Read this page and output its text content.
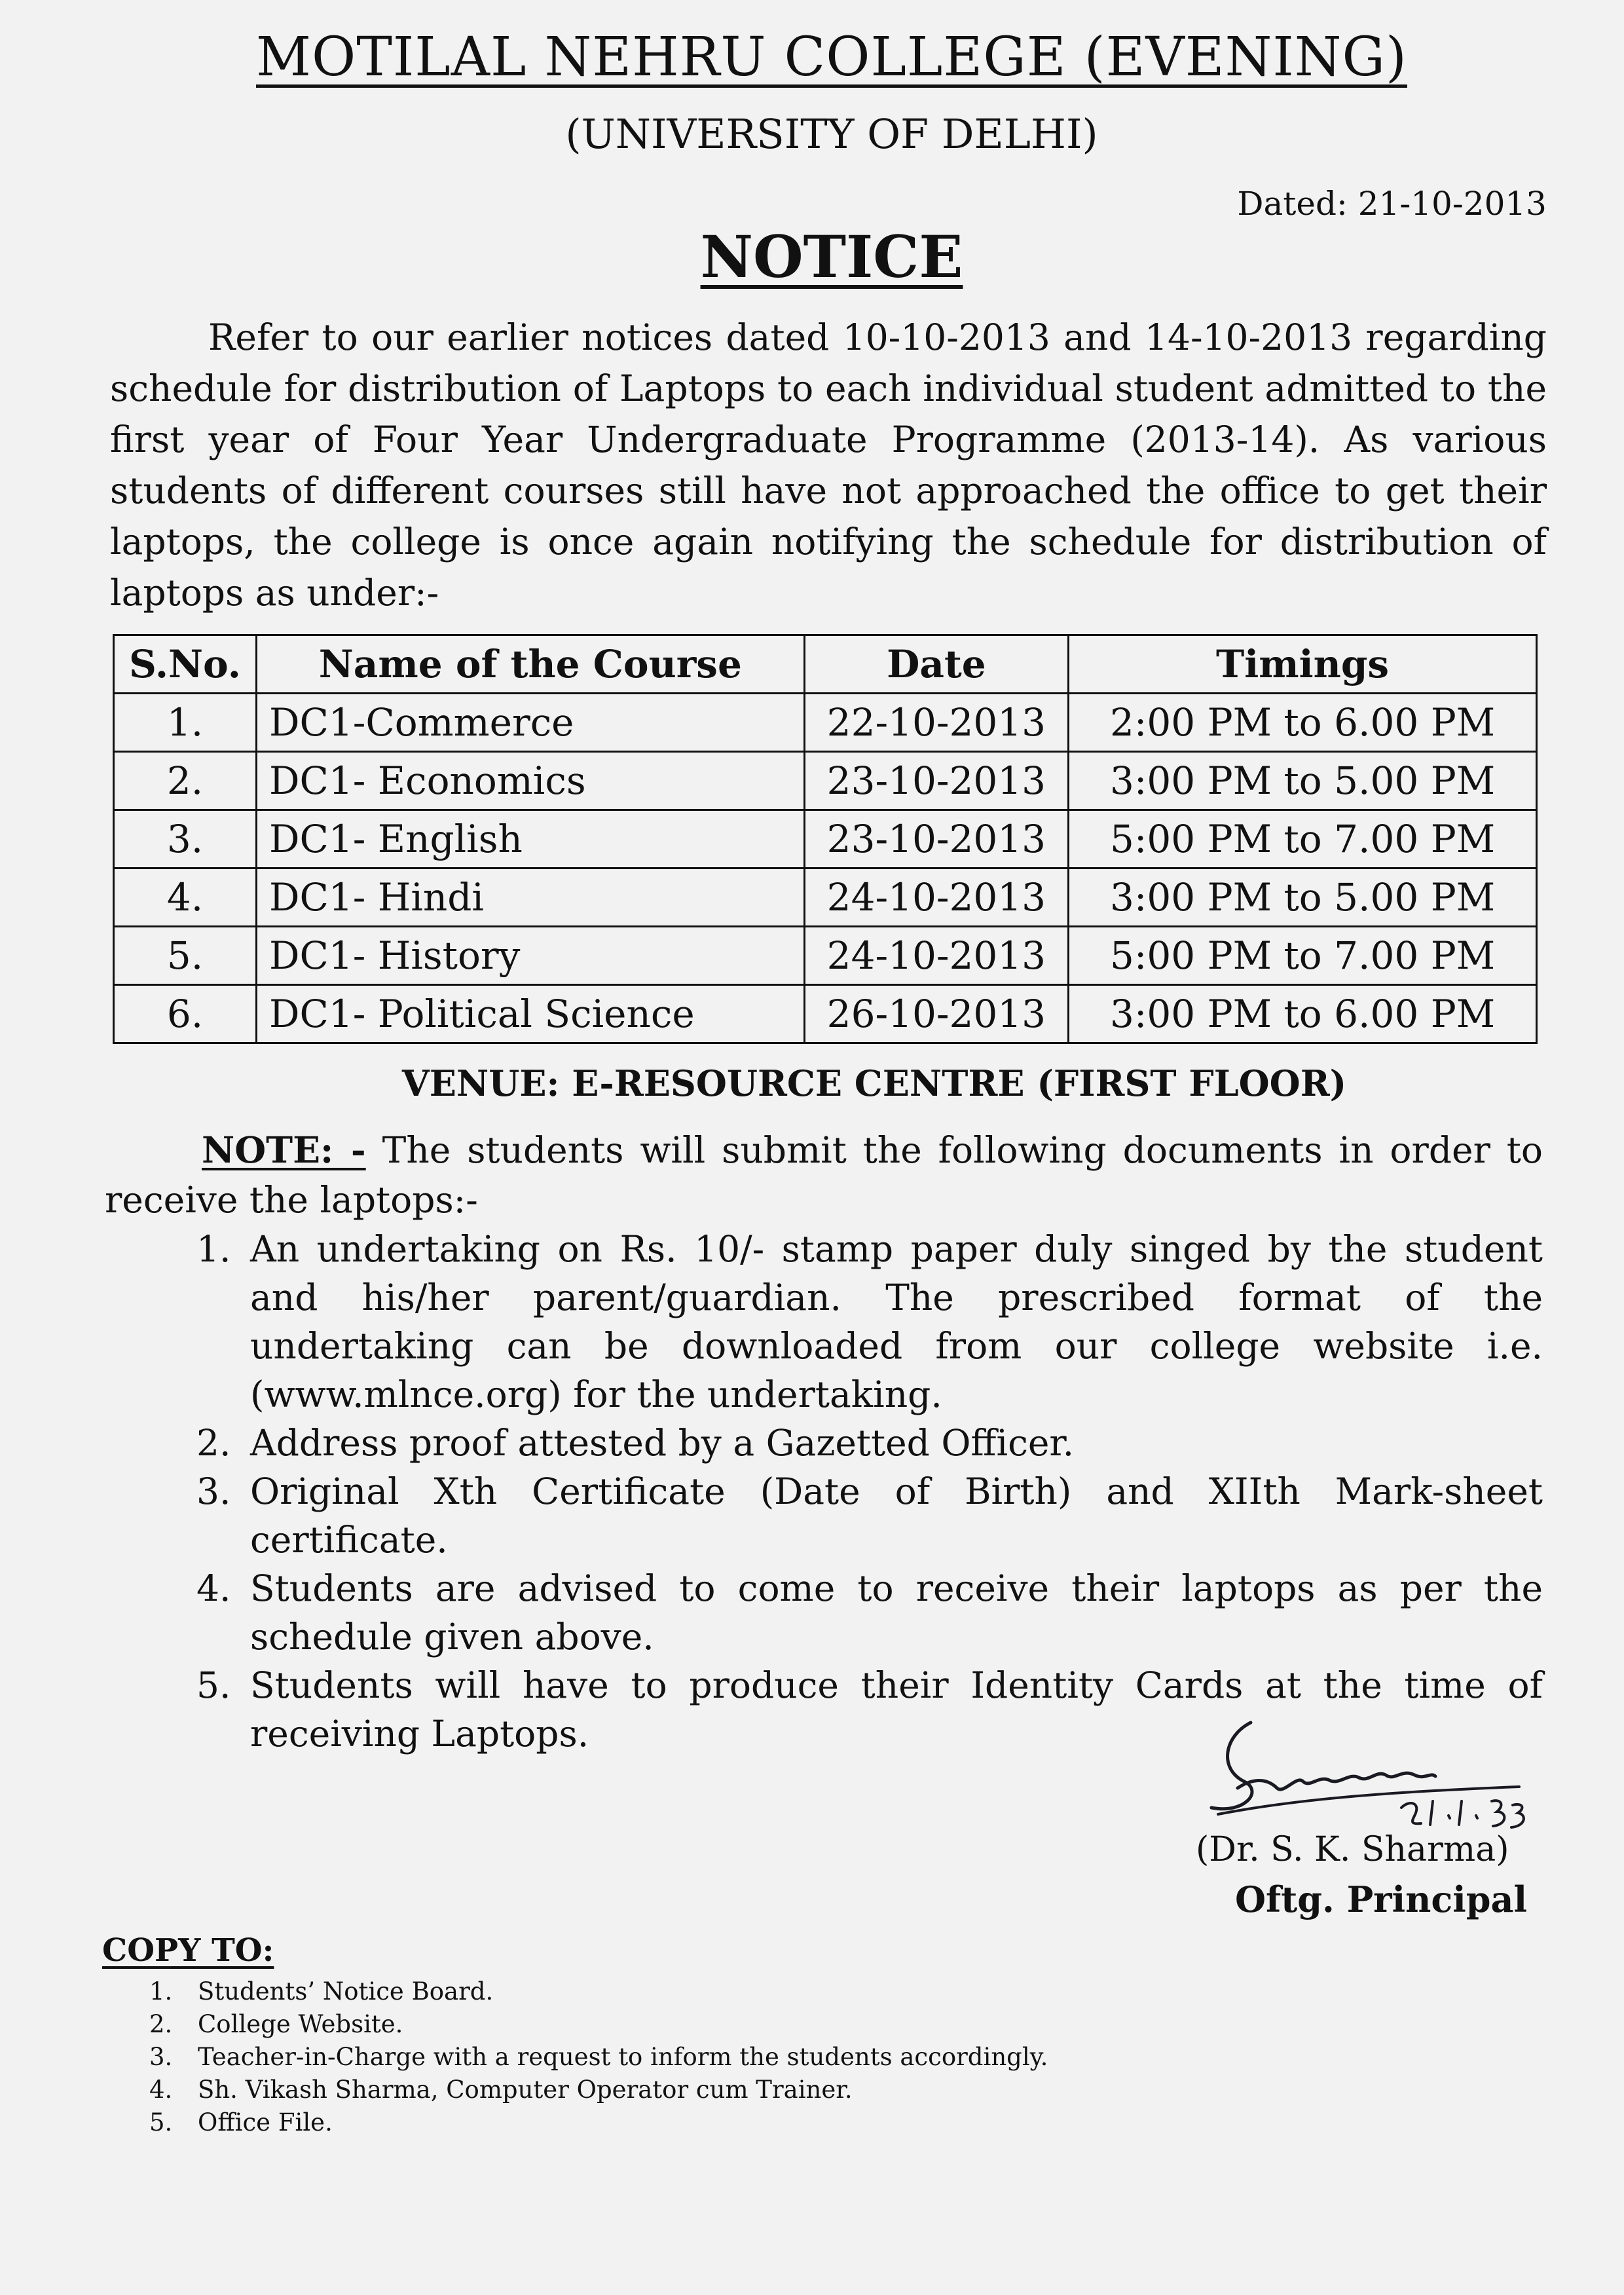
MOTILAL NEHRU COLLEGE (EVENING)
(UNIVERSITY OF DELHI)
Dated: 21-10-2013
NOTICE
Refer to our earlier notices dated 10-10-2013 and 14-10-2013 regarding schedule for distribution of Laptops to each individual student admitted to the first year of Four Year Undergraduate Programme (2013-14). As various students of different courses still have not approached the office to get their laptops, the college is once again notifying the schedule for distribution of laptops as under:-
S.No.	Name of the Course	Date	Timings
1.	DC1-Commerce	22-10-2013	2:00 PM to 6.00 PM
2.	DC1- Economics	23-10-2013	3:00 PM to 5.00 PM
3.	DC1- English	23-10-2013	5:00 PM to 7.00 PM
4.	DC1- Hindi	24-10-2013	3:00 PM to 5.00 PM
5.	DC1- History	24-10-2013	5:00 PM to 7.00 PM
6.	DC1- Political Science	26-10-2013	3:00 PM to 6.00 PM
VENUE: E-RESOURCE CENTRE (FIRST FLOOR)
NOTE: - The students will submit the following documents in order to receive the laptops:-
1. An undertaking on Rs. 10/- stamp paper duly singed by the student and his/her parent/guardian. The prescribed format of the undertaking can be downloaded from our college website i.e. (www.mlnce.org) for the undertaking.
2. Address proof attested by a Gazetted Officer.
3. Original Xth Certificate (Date of Birth) and XIIth Mark-sheet certificate.
4. Students are advised to come to receive their laptops as per the schedule given above.
5. Students will have to produce their Identity Cards at the time of receiving Laptops.
(Dr. S. K. Sharma)
Oftg. Principal
COPY TO:
1. Students’ Notice Board.
2. College Website.
3. Teacher-in-Charge with a request to inform the students accordingly.
4. Sh. Vikash Sharma, Computer Operator cum Trainer.
5. Office File.
